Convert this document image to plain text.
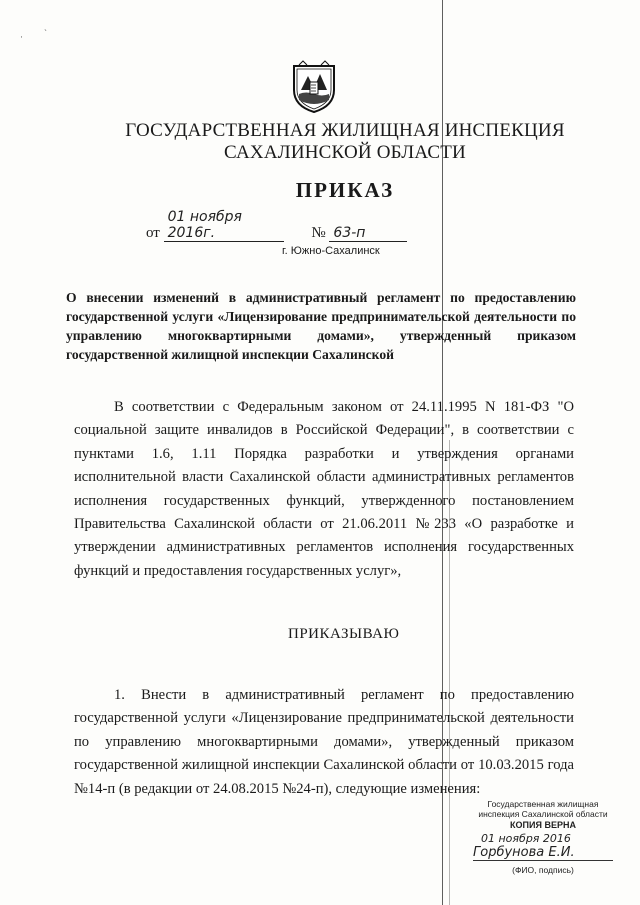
· `
ГОСУДАРСТВЕННАЯ ЖИЛИЩНАЯ ИНСПЕКЦИЯ
САХАЛИНСКОЙ ОБЛАСТИ
ПРИКАЗ
от 01 ноября 2016г.	№ 63-п
г. Южно-Сахалинск
О внесении изменений в административный регламент по предоставлению государственной услуги «Лицензирование предпринимательской деятельности по управлению многоквартирными домами», утвержденный приказом государственной жилищной инспекции Сахалинской
В соответствии с Федеральным законом от 24.11.1995 N 181-ФЗ "О социальной защите инвалидов в Российской Федерации", в соответствии с пунктами 1.6, 1.11 Порядка разработки и утверждения органами исполнительной власти Сахалинской области административных регламентов исполнения государственных функций, утвержденного постановлением Правительства Сахалинской области от 21.06.2011 №233 «О разработке и утверждении административных регламентов исполнения государственных функций и предоставления государственных услуг»,
ПРИКАЗЫВАЮ
1. Внести в административный регламент по предоставлению государственной услуги «Лицензирование предпринимательской деятельности по управлению многоквартирными домами», утвержденный приказом государственной жилищной инспекции Сахалинской области от 10.03.2015 года №14-п (в редакции от 24.08.2015 №24-п), следующие изменения:
Государственная жилищная
инспекция Сахалинской области
КОПИЯ ВЕРНА
01 ноября 2016
Горбунова Е.И.
(ФИО, подпись)
